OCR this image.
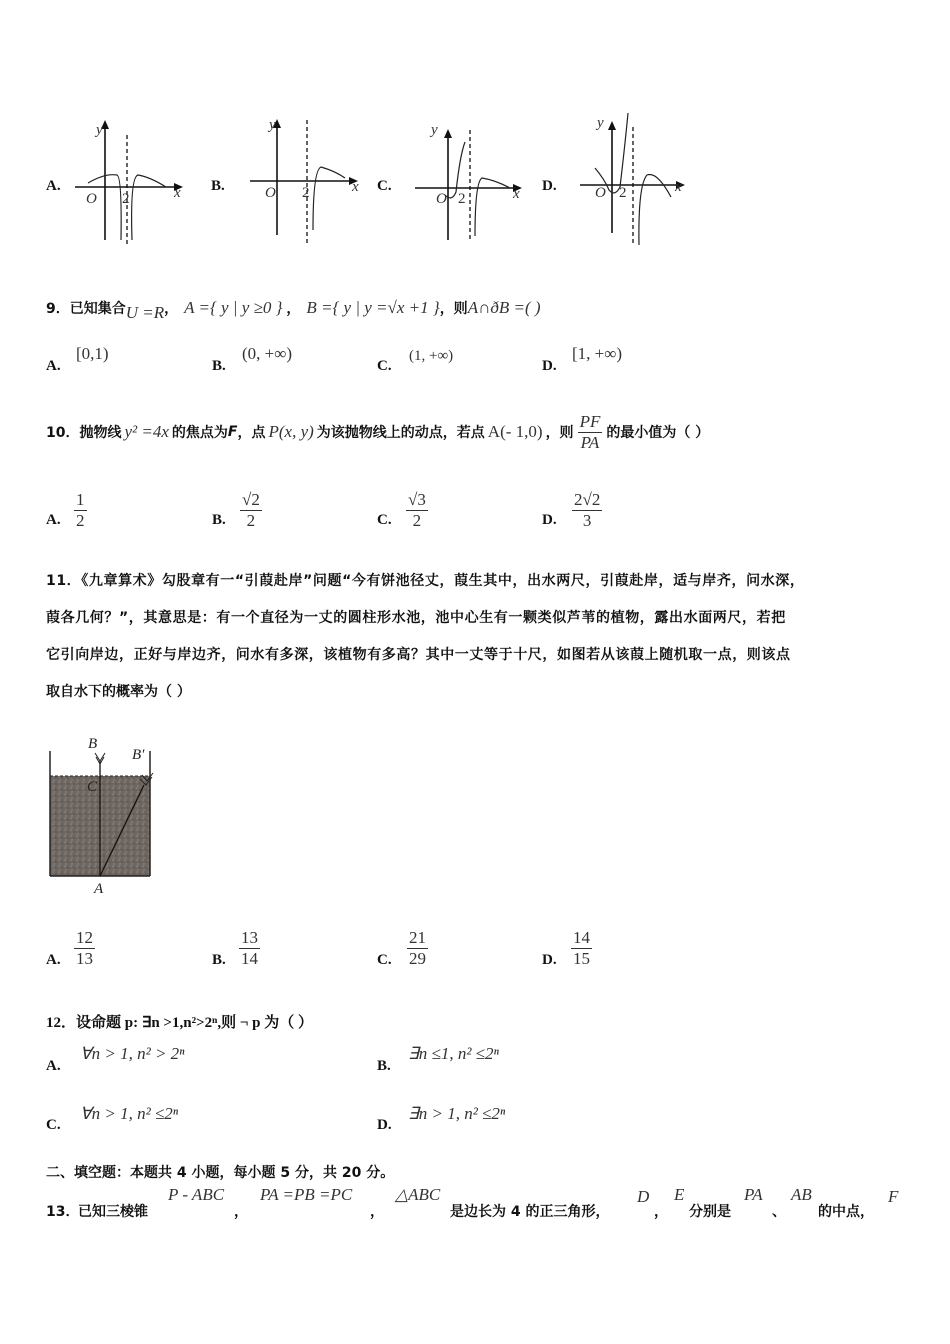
A.
y
O 2	x B.
y
O 2	x C.
y
O 2	x D.
y
O 2	x
9． 已知集合 U =R ， A ={ y | y ≥0 } ， B ={ y | y =√x +1 } ，则 A∩ð B =( )
A.
[0,1)
B.
(0, +∞)
C.
(1, +∞)
D.
[1, +∞)
10． 抛物线 y² =4x 的焦点为 F ，点 P(x, y) 为该抛物线上的动点，若点 A(- 1,0) ，则 $\frac{PF}{PA}$ 的最小值为（ ）
A. $\frac{1}{2}$	B. $\frac{√2}{2}$	C. $\frac{√3}{2}$	D. $\frac{2√2}{3}$
11．《九章算术》勾股章有一“引葭赴岸”问题“今有饼池径丈，葭生其中，出水两尺，引葭赴岸，适与岸齐，问水深，
葭各几何？”，其意思是：有一个直径为一丈的圆柱形水池，池中心生有一颗类似芦苇的植物，露出水面两尺，若把
它引向岸边，正好与岸边齐，问水有多深，该植物有多高？其中一丈等于十尺，如图若从该葭上随机取一点，则该点
取自水下的概率为（ ）
B
B′
C
A
A. $\frac{12}{13}$	B. $\frac{13}{14}$	C. $\frac{21}{29}$	D. $\frac{14}{15}$
12．设命题 p: ∃n >1,n²>2ⁿ,则 ¬ p 为（ ）
A.
∀n > 1, n² > 2ⁿ
B.
∃n ≤1, n² ≤2ⁿ
C.
∀n > 1, n² ≤2ⁿ
D.
∃n > 1, n² ≤2ⁿ
二、填空题：本题共 4 小题，每小题 5 分，共 20 分。
13．
已知三棱锥
P - ABC
，
PA =PB =PC
，
△ABC
是边长为 4 的正三角形，
D
，
E
分别是
PA
、
AB
的中点，
F
